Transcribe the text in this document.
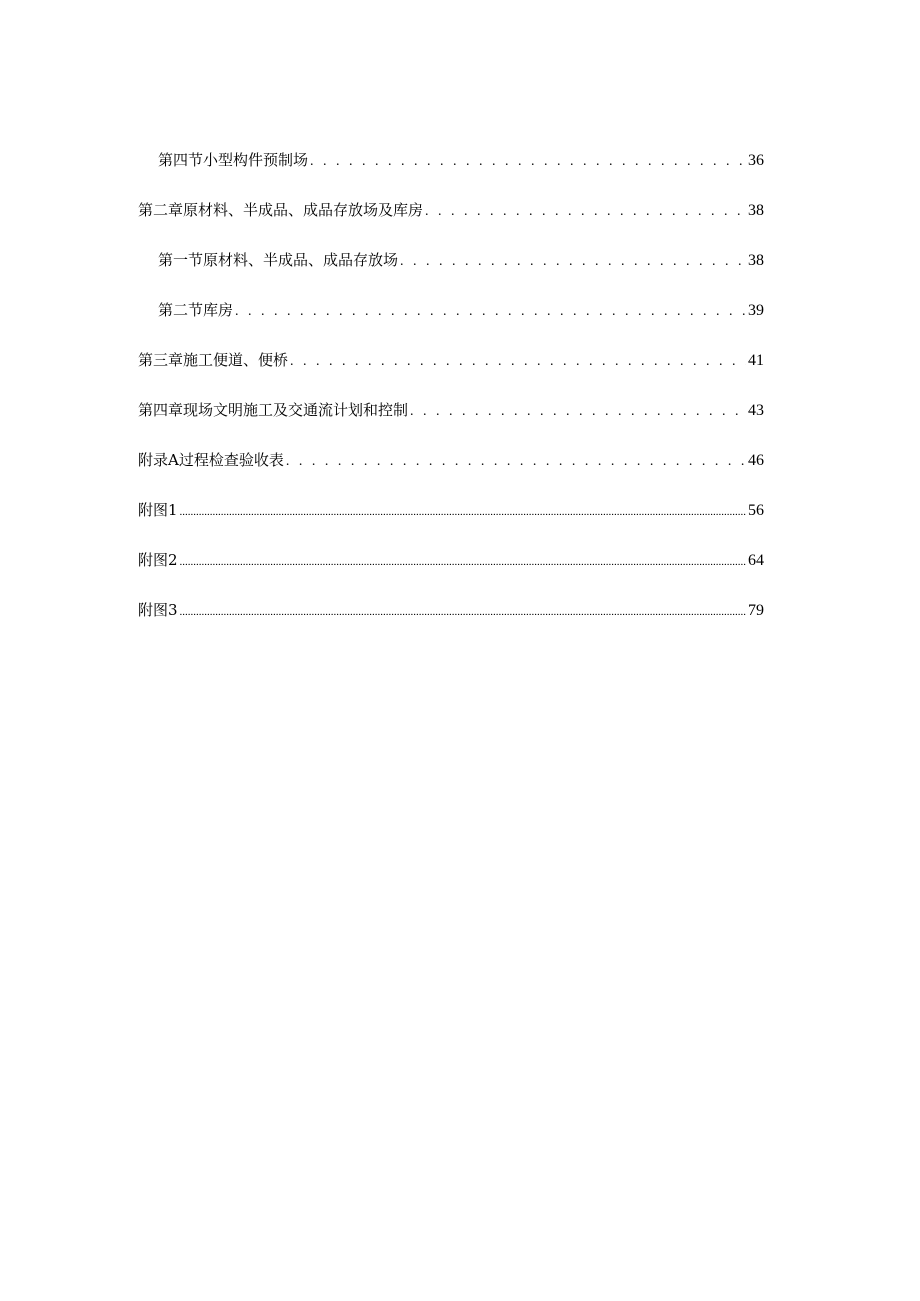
第四节小型构件预制场 . . .	36
第二章原材料、半成品、成品存放场及库房 . . .	38
第一节原材料、半成品、成品存放场 . . .	38
第二节库房 . . .	39
第三章施工便道、便桥 . . .	41
第四章现场文明施工及交通流计划和控制 . . .	43
附录A过程检查验收表 . . .	46
附图1 .....	56
附图2 .....	64
附图3 .....	79
